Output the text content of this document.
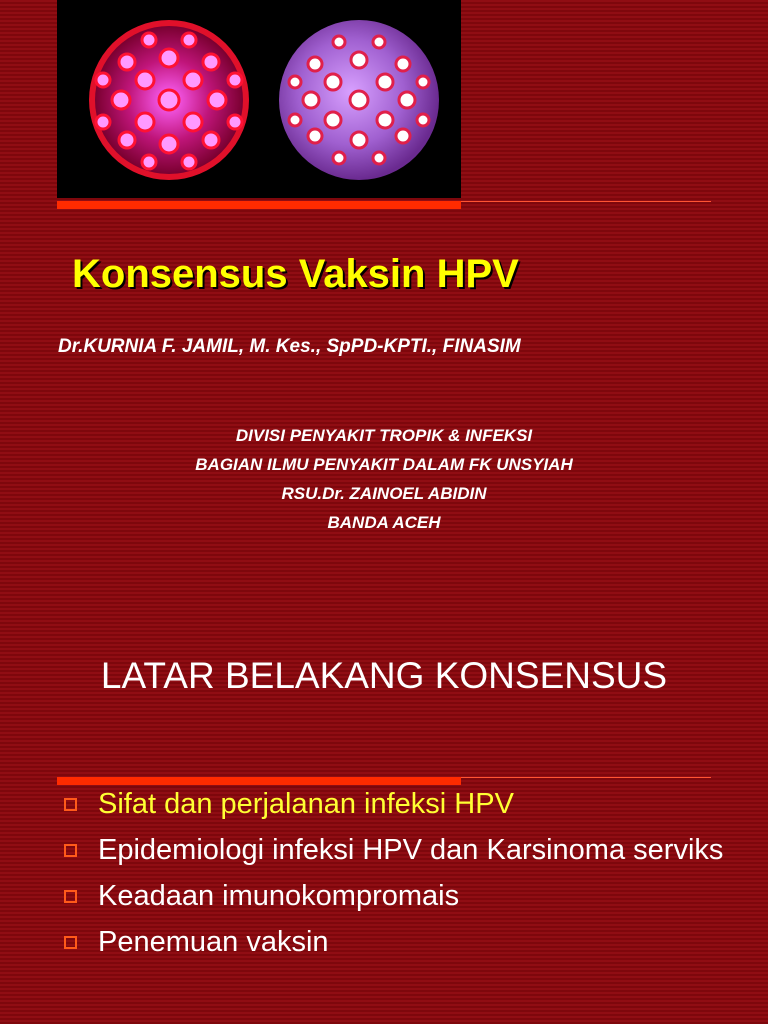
Konsensus Vaksin HPV
Dr.KURNIA F. JAMIL, M. Kes., SpPD-KPTI., FINASIM
DIVISI PENYAKIT TROPIK & INFEKSI
BAGIAN ILMU PENYAKIT DALAM FK UNSYIAH
RSU.Dr. ZAINOEL ABIDIN
BANDA ACEH
LATAR BELAKANG KONSENSUS
Sifat dan perjalanan infeksi HPV
Epidemiologi infeksi HPV dan Karsinoma serviks
Keadaan imunokompromais
Penemuan vaksin
